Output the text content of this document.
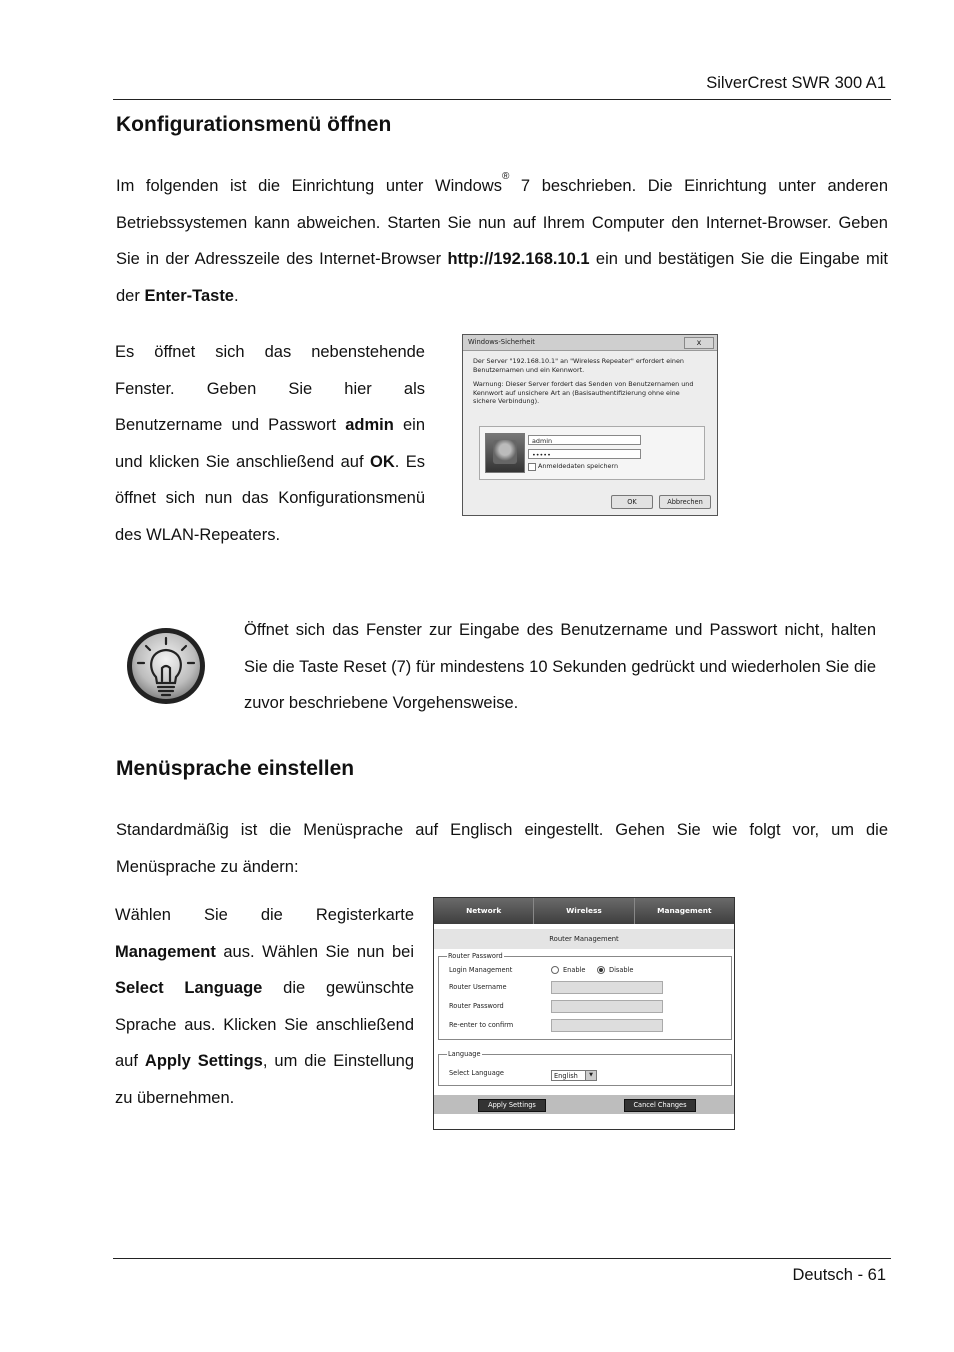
SilverCrest SWR 300 A1
Konfigurationsmenü öffnen
Im folgenden ist die Einrichtung unter Windows® 7 beschrieben. Die Einrichtung unter anderen Betriebssystemen kann abweichen. Starten Sie nun auf Ihrem Computer den Internet-Browser. Geben Sie in der Adresszeile des Internet-Browser http://192.168.10.1 ein und bestätigen Sie die Eingabe mit der Enter-Taste.
Es öffnet sich das nebenstehende Fenster. Geben Sie hier als Benutzername und Passwort admin ein und klicken Sie anschließend auf OK. Es öffnet sich nun das Konfigurationsmenü des WLAN-Repeaters.
Windows-Sicherheit	x
Der Server "192.168.10.1" an "Wireless Repeater" erfordert einen Benutzernamen und ein Kennwort.
Warnung: Dieser Server fordert das Senden von Benutzernamen und Kennwort auf unsichere Art an (Basisauthentifizierung ohne eine sichere Verbindung).
admin
•••••
Anmeldedaten speichern
OK	Abbrechen
Öffnet sich das Fenster zur Eingabe des Benutzername und Passwort nicht, halten Sie die Taste Reset (7) für mindestens 10 Sekunden gedrückt und wiederholen Sie die zuvor beschriebene Vorgehensweise.
Menüsprache einstellen
Standardmäßig ist die Menüsprache auf Englisch eingestellt. Gehen Sie wie folgt vor, um die Menüsprache zu ändern:
Wählen Sie die Registerkarte Management aus. Wählen Sie nun bei Select Language die gewünschte Sprache aus. Klicken Sie anschließend auf Apply Settings, um die Einstellung zu übernehmen.
Network	Wireless	Management
Router Management
Router Password
Login Management	Enable	Disable
Router Username
Router Password
Re-enter to confirm
Language
Select Language	English	▼
Apply Settings	Cancel Changes
Deutsch - 61
